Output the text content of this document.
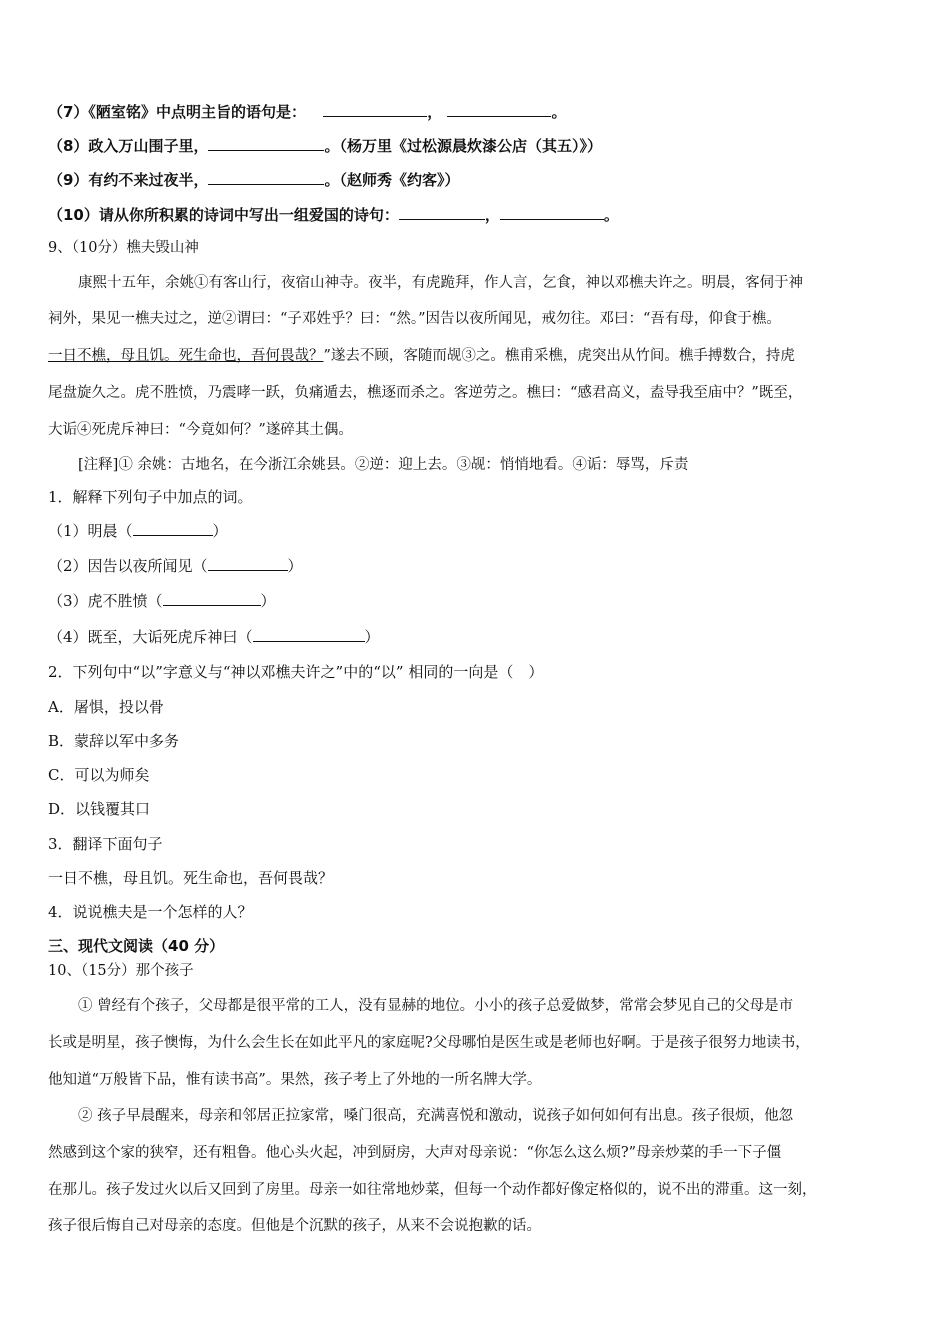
（7）《陋室铭》中点明主旨的语句是：	，	。
（8）政入万山围子里，	。（杨万里《过松源晨炊漆公店（其五）》）
（9）有约不来过夜半，	。（赵师秀《约客》）
（10）请从你所积累的诗词中写出一组爱国的诗句：	，	。
9、（10分）樵夫毁山神
康熙十五年，余姚①有客山行，夜宿山神寺。夜半，有虎跪拜，作人言，乞食，神以邓樵夫许之。明晨，客伺于神
祠外，果见一樵夫过之，逆②谓曰：“子邓姓乎？曰：“然。”因告以夜所闻见，戒勿往。邓曰：“吾有母，仰食于樵。
一日不樵，母且饥。死生命也，吾何畏哉？”遂去不顾，客随而觇③之。樵甫采樵，虎突出从竹间。樵手搏数合，持虎
尾盘旋久之。虎不胜愤，乃震哮一跃，负痛遁去，樵逐而杀之。客逆劳之。樵曰：“感君高义，盍导我至庙中？”既至，
大诟④死虎斥神曰：“今竟如何？”遂碎其土偶。
[注释]① 余姚：古地名，在今浙江余姚县。②逆：迎上去。③觇：悄悄地看。④诟：辱骂，斥责
1．解释下列句子中加点的词。
（1）明晨（	）
（2）因告以夜所闻见（	）
（3）虎不胜愤（	）
（4）既至，大诟死虎斥神曰（	）
2．下列句中“以”字意义与“神以邓樵夫许之”中的“以” 相同的一向是（　）
A．屠惧，投以骨
B．蒙辞以军中多务
C．可以为师矣
D．以钱覆其口
3．翻译下面句子
一日不樵，母且饥。死生命也，吾何畏哉？
4．说说樵夫是一个怎样的人？
三、现代文阅读（40 分）
10、（15分）那个孩子
① 曾经有个孩子，父母都是很平常的工人，没有显赫的地位。小小的孩子总爱做梦，常常会梦见自己的父母是市
长或是明星，孩子懊悔，为什么会生长在如此平凡的家庭呢?父母哪怕是医生或是老师也好啊。于是孩子很努力地读书，
他知道“万般皆下品，惟有读书高”。果然，孩子考上了外地的一所名牌大学。
② 孩子早晨醒来，母亲和邻居正拉家常，嗓门很高，充满喜悦和激动，说孩子如何如何有出息。孩子很烦，他忽
然感到这个家的狭窄，还有粗鲁。他心头火起，冲到厨房，大声对母亲说：“你怎么这么烦?”母亲炒菜的手一下子僵
在那儿。孩子发过火以后又回到了房里。母亲一如往常地炒菜，但每一个动作都好像定格似的，说不出的滞重。这一刻，
孩子很后悔自己对母亲的态度。但他是个沉默的孩子，从来不会说抱歉的话。
